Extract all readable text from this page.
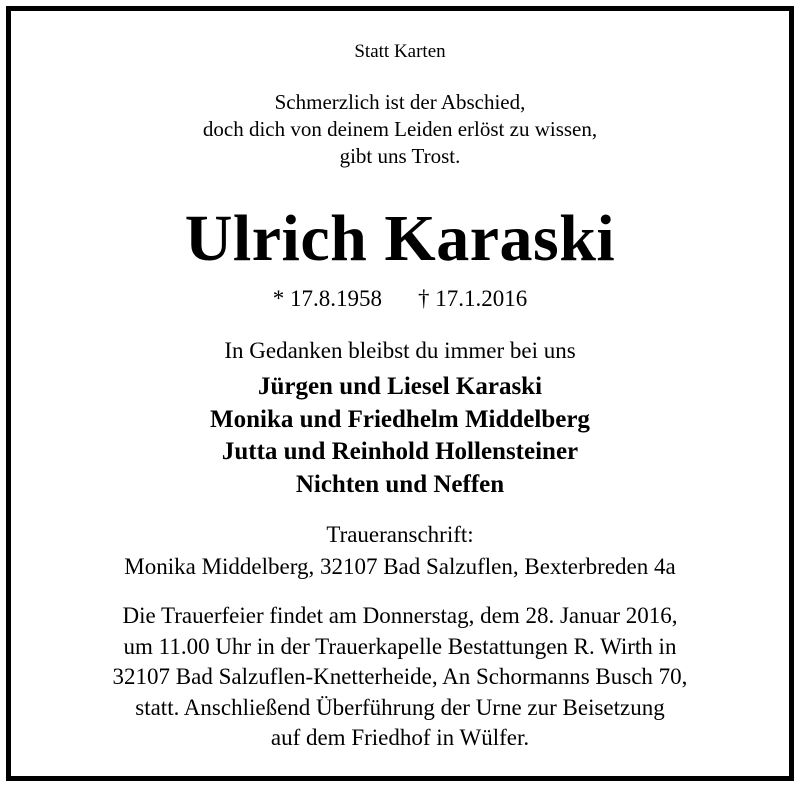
Statt Karten
Schmerzlich ist der Abschied,
doch dich von deinem Leiden erlöst zu wissen,
gibt uns Trost.
Ulrich Karaski
* 17.8.1958 † 17.1.2016
In Gedanken bleibst du immer bei uns
Jürgen und Liesel Karaski
Monika und Friedhelm Middelberg
Jutta und Reinhold Hollensteiner
Nichten und Neffen
Traueranschrift:
Monika Middelberg, 32107 Bad Salzuflen, Bexterbreden 4a
Die Trauerfeier findet am Donnerstag, dem 28. Januar 2016,
um 11.00 Uhr in der Trauerkapelle Bestattungen R. Wirth in
32107 Bad Salzuflen-Knetterheide, An Schormanns Busch 70,
statt. Anschließend Überführung der Urne zur Beisetzung
auf dem Friedhof in Wülfer.
